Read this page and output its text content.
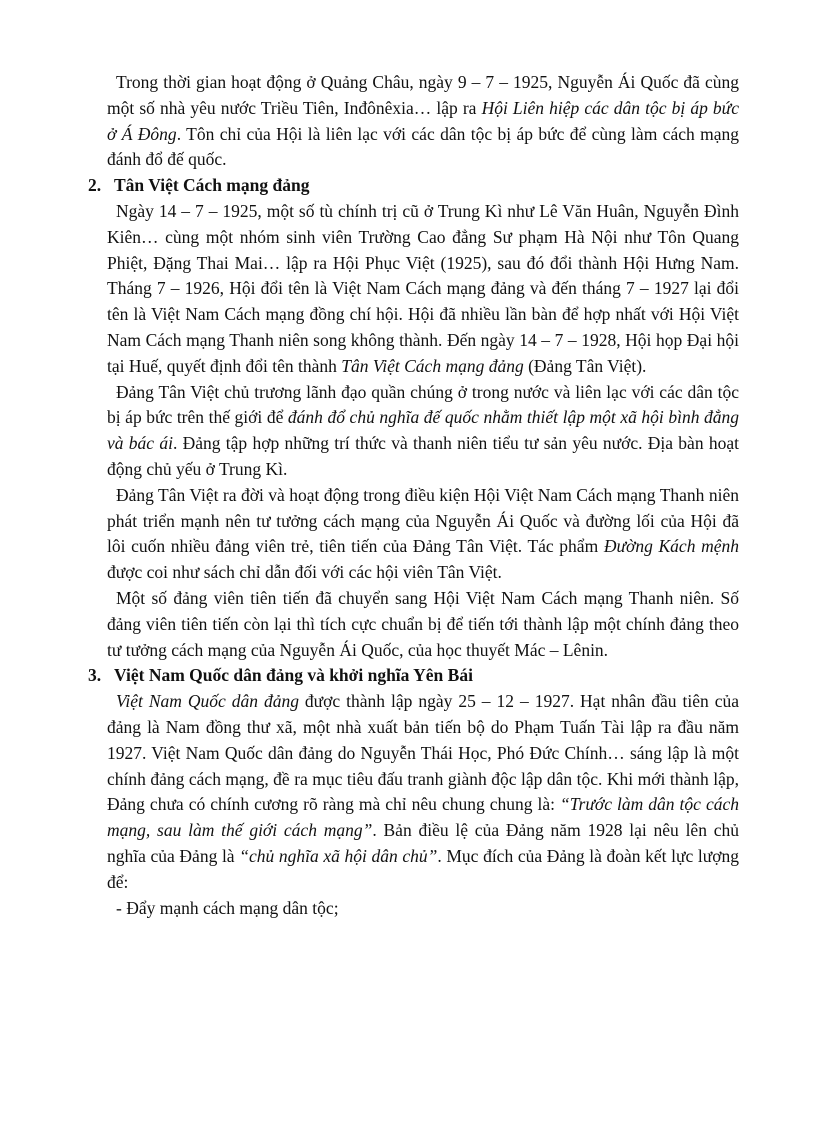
Trong thời gian hoạt động ở Quảng Châu, ngày 9 – 7 – 1925, Nguyễn Ái Quốc đã cùng một số nhà yêu nước Triều Tiên, Inđônêxia… lập ra Hội Liên hiệp các dân tộc bị áp bức ở Á Đông. Tôn chỉ của Hội là liên lạc với các dân tộc bị áp bức để cùng làm cách mạng đánh đổ đế quốc.

2. Tân Việt Cách mạng đảng

Ngày 14 – 7 – 1925, một số tù chính trị cũ ở Trung Kì như Lê Văn Huân, Nguyễn Đình Kiên… cùng một nhóm sinh viên Trường Cao đẳng Sư phạm Hà Nội như Tôn Quang Phiệt, Đặng Thai Mai… lập ra Hội Phục Việt (1925), sau đó đổi thành Hội Hưng Nam. Tháng 7 – 1926, Hội đổi tên là Việt Nam Cách mạng đảng và đến tháng 7 – 1927 lại đổi tên là Việt Nam Cách mạng đồng chí hội. Hội đã nhiều lần bàn để hợp nhất với Hội Việt Nam Cách mạng Thanh niên song không thành. Đến ngày 14 – 7 – 1928, Hội họp Đại hội tại Huế, quyết định đổi tên thành Tân Việt Cách mạng đảng (Đảng Tân Việt).

Đảng Tân Việt chủ trương lãnh đạo quần chúng ở trong nước và liên lạc với các dân tộc bị áp bức trên thế giới để đánh đổ chủ nghĩa đế quốc nhằm thiết lập một xã hội bình đẳng và bác ái. Đảng tập hợp những trí thức và thanh niên tiểu tư sản yêu nước. Địa bàn hoạt động chủ yếu ở Trung Kì.

Đảng Tân Việt ra đời và hoạt động trong điều kiện Hội Việt Nam Cách mạng Thanh niên phát triển mạnh nên tư tưởng cách mạng của Nguyễn Ái Quốc và đường lối của Hội đã lôi cuốn nhiều đảng viên trẻ, tiên tiến của Đảng Tân Việt. Tác phẩm Đường Kách mệnh được coi như sách chỉ dẫn đối với các hội viên Tân Việt.

Một số đảng viên tiên tiến đã chuyển sang Hội Việt Nam Cách mạng Thanh niên. Số đảng viên tiên tiến còn lại thì tích cực chuẩn bị để tiến tới thành lập một chính đảng theo tư tưởng cách mạng của Nguyễn Ái Quốc, của học thuyết Mác – Lênin.

3. Việt Nam Quốc dân đảng và khởi nghĩa Yên Bái

Việt Nam Quốc dân đảng được thành lập ngày 25 – 12 – 1927. Hạt nhân đầu tiên của đảng là Nam đồng thư xã, một nhà xuất bản tiến bộ do Phạm Tuấn Tài lập ra đầu năm 1927. Việt Nam Quốc dân đảng do Nguyễn Thái Học, Phó Đức Chính… sáng lập là một chính đảng cách mạng, đề ra mục tiêu đấu tranh giành độc lập dân tộc. Khi mới thành lập, Đảng chưa có chính cương rõ ràng mà chỉ nêu chung chung là: “Trước làm dân tộc cách mạng, sau làm thế giới cách mạng”. Bản điều lệ của Đảng năm 1928 lại nêu lên chủ nghĩa của Đảng là “chủ nghĩa xã hội dân chủ”. Mục đích của Đảng là đoàn kết lực lượng để:

- Đẩy mạnh cách mạng dân tộc;
